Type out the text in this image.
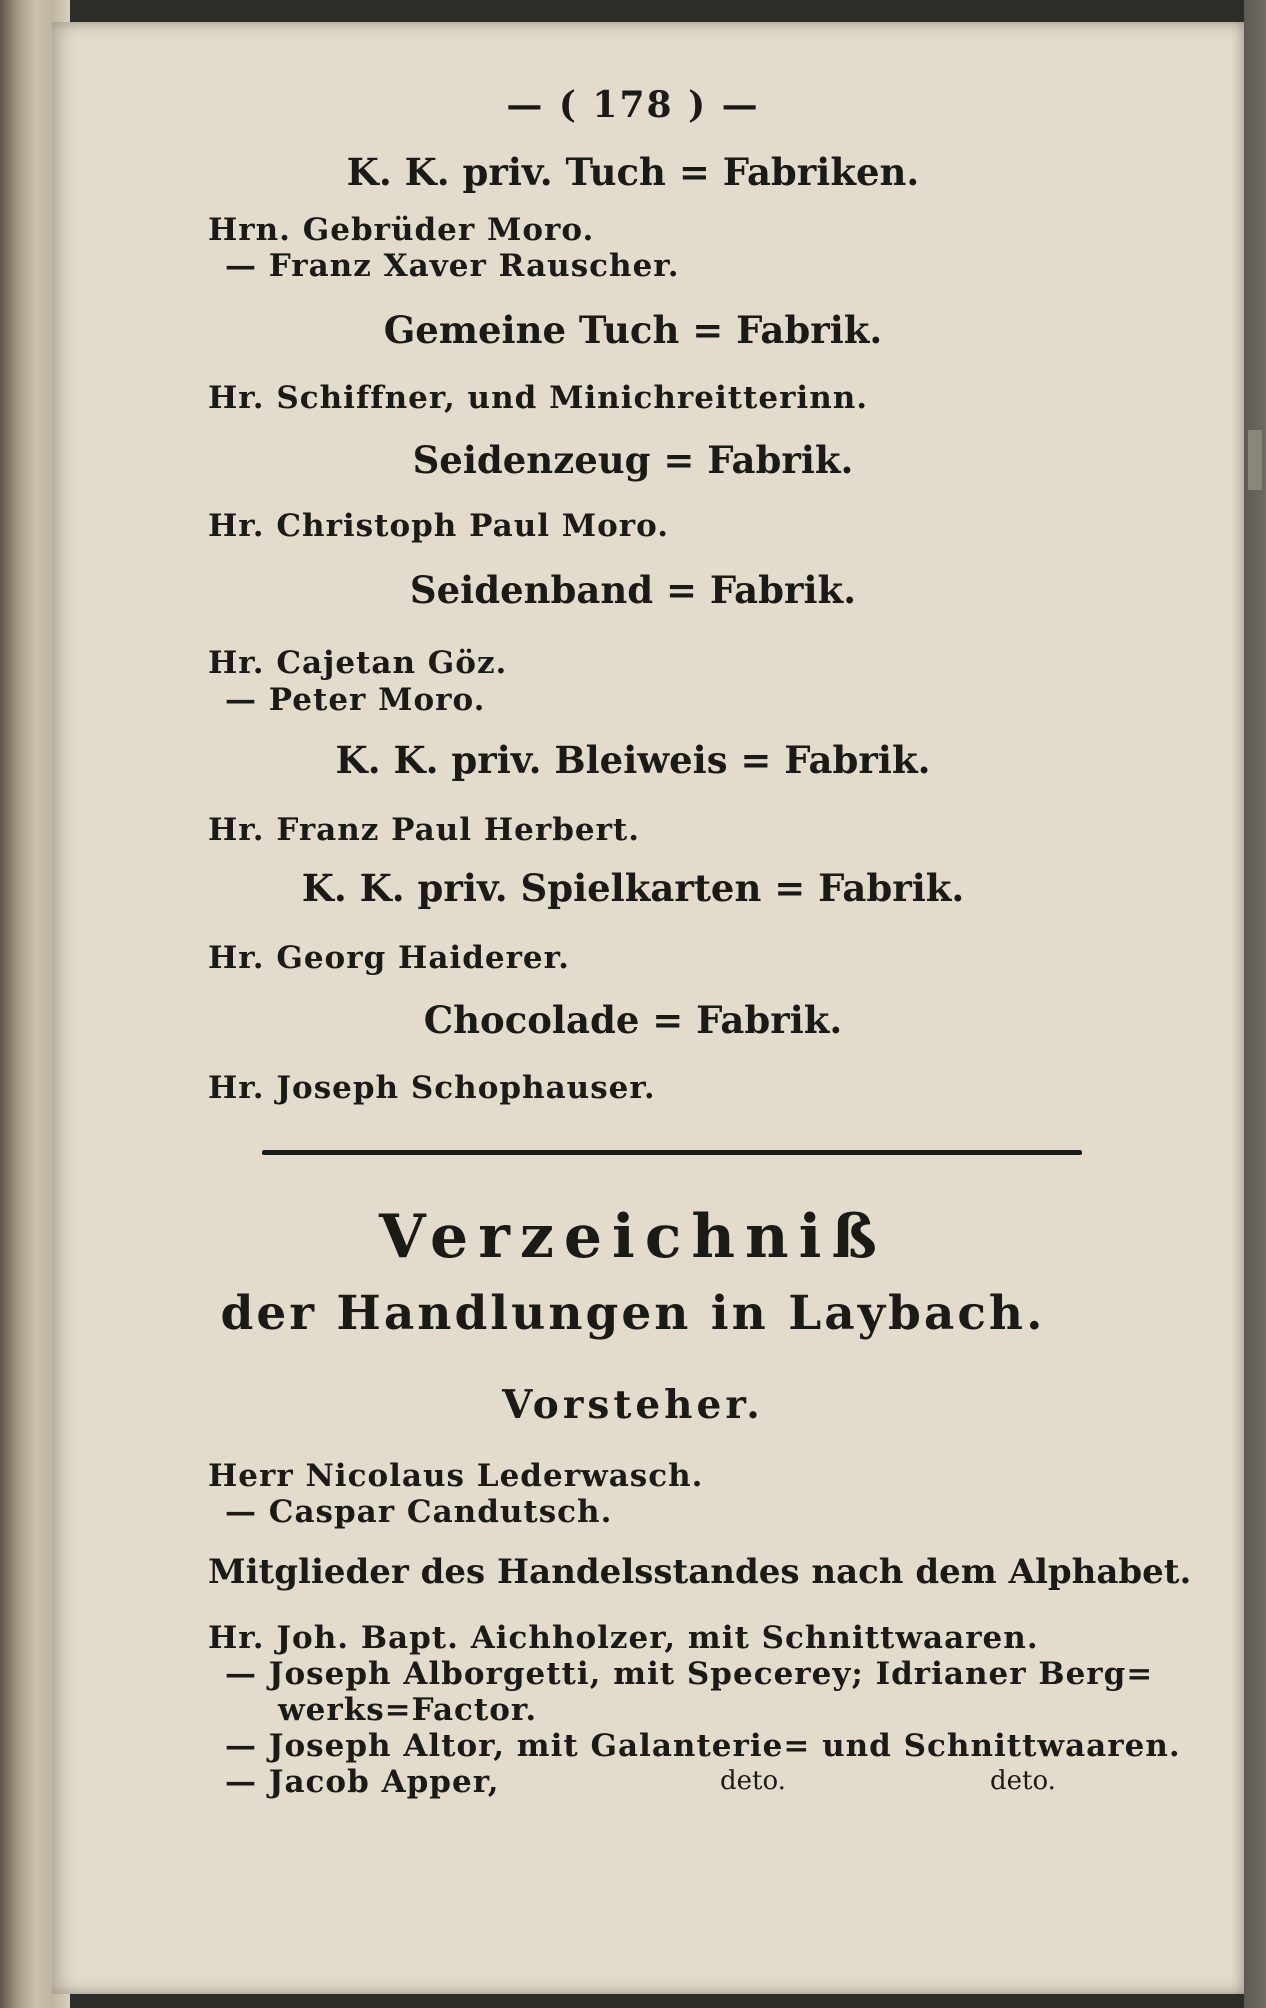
— ( 178 ) —
K. K. priv. Tuch = Fabriken.
Hrn. Gebrüder Moro.
— Franz Xaver Rauscher.
Gemeine Tuch = Fabrik.
Hr. Schiffner, und Minichreitterinn.
Seidenzeug = Fabrik.
Hr. Christoph Paul Moro.
Seidenband = Fabrik.
Hr. Cajetan Göz.
— Peter Moro.
K. K. priv. Bleiweis = Fabrik.
Hr. Franz Paul Herbert.
K. K. priv. Spielkarten = Fabrik.
Hr. Georg Haiderer.
Chocolade = Fabrik.
Hr. Joseph Schophauser.
Verzeichniß
der Handlungen in Laybach.
Vorsteher.
Herr Nicolaus Lederwasch.
— Caspar Candutsch.
Mitglieder des Handelsstandes nach dem Alphabet.
Hr. Joh. Bapt. Aichholzer, mit Schnittwaaren.
— Joseph Alborgetti, mit Specerey; Idrianer Berg=
werks=Factor.
— Joseph Altor, mit Galanterie= und Schnittwaaren.
— Jacob Apper,	deto.	deto.
